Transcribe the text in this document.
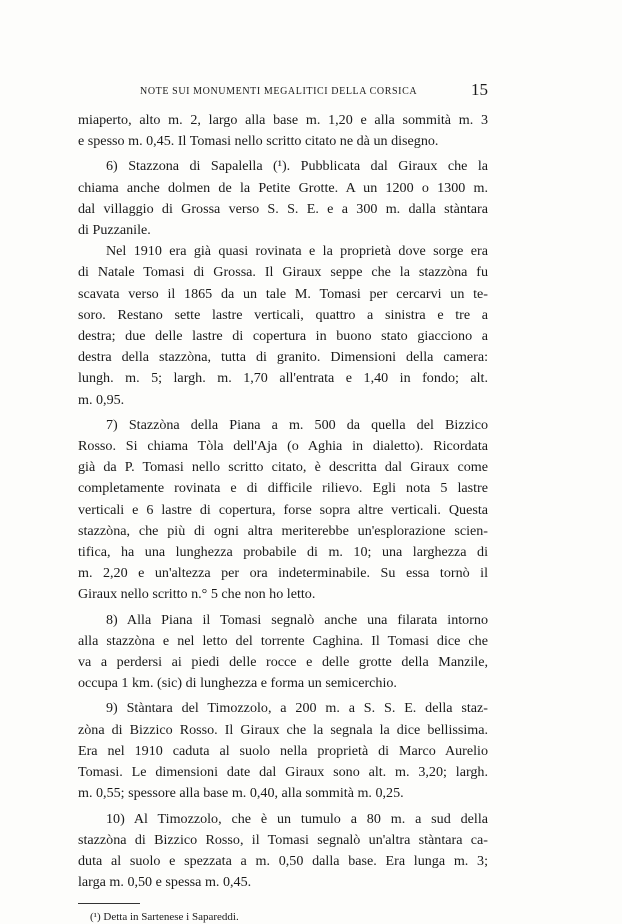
NOTE SUI MONUMENTI MEGALITICI DELLA CORSICA	15

miaperto, alto m. 2, largo alla base m. 1,20 e alla sommità m. 3
e spesso m. 0,45. Il Tomasi nello scritto citato ne dà un disegno.

6) Stazzona di Sapalella (¹). Pubblicata dal Giraux che la
chiama anche dolmen de la Petite Grotte. A un 1200 o 1300 m.
dal villaggio di Grossa verso S. S. E. e a 300 m. dalla stàntara
di Puzzanile.

Nel 1910 era già quasi rovinata e la proprietà dove sorge era
di Natale Tomasi di Grossa. Il Giraux seppe che la stazzòna fu
scavata verso il 1865 da un tale M. Tomasi per cercarvi un te-
soro. Restano sette lastre verticali, quattro a sinistra e tre a
destra; due delle lastre di copertura in buono stato giacciono a
destra della stazzòna, tutta di granito. Dimensioni della camera:
lungh. m. 5; largh. m. 1,70 all'entrata e 1,40 in fondo; alt.
m. 0,95.

7) Stazzòna della Piana a m. 500 da quella del Bizzico
Rosso. Si chiama Tòla dell'Aja (o Aghia in dialetto). Ricordata
già da P. Tomasi nello scritto citato, è descritta dal Giraux come
completamente rovinata e di difficile rilievo. Egli nota 5 lastre
verticali e 6 lastre di copertura, forse sopra altre verticali. Questa
stazzòna, che più di ogni altra meriterebbe un'esplorazione scien-
tifica, ha una lunghezza probabile di m. 10; una larghezza di
m. 2,20 e un'altezza per ora indeterminabile. Su essa tornò il
Giraux nello scritto n.° 5 che non ho letto.

8) Alla Piana il Tomasi segnalò anche una filarata intorno
alla stazzòna e nel letto del torrente Caghina. Il Tomasi dice che
va a perdersi ai piedi delle rocce e delle grotte della Manzile,
occupa 1 km. (sic) di lunghezza e forma un semicerchio.

9) Stàntara del Timozzolo, a 200 m. a S. S. E. della staz-
zòna di Bizzico Rosso. Il Giraux che la segnala la dice bellissima.
Era nel 1910 caduta al suolo nella proprietà di Marco Aurelio
Tomasi. Le dimensioni date dal Giraux sono alt. m. 3,20; largh.
m. 0,55; spessore alla base m. 0,40, alla sommità m. 0,25.

10) Al Timozzolo, che è un tumulo a 80 m. a sud della
stazzòna di Bizzico Rosso, il Tomasi segnalò un'altra stàntara ca-
duta al suolo e spezzata a m. 0,50 dalla base. Era lunga m. 3;
larga m. 0,50 e spessa m. 0,45.

(¹) Detta in Sartenese i Sapareddi.
